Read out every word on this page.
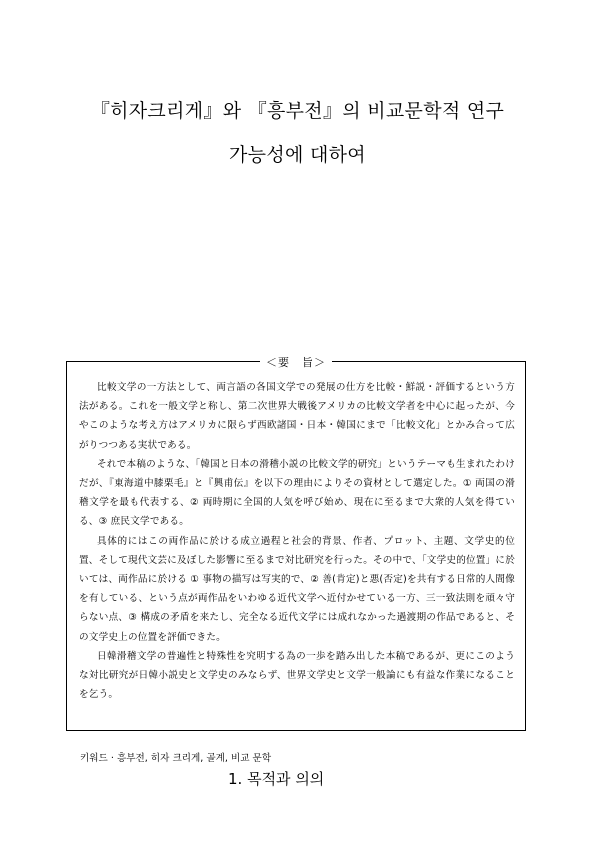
『히자크리게』와 『흥부전』의 비교문학적 연구
가능성에 대하여
＜要　旨＞

比較文学の一方法として、両言語の各国文学での発展の仕方を比較・鮮説・評価するという方法がある。これを一般文学と称し、第二次世界大戦後アメリカの比較文学者を中心に起ったが、今やこのような考え方はアメリカに限らず西欧諸国・日本・韓国にまで「比較文化」とかみ合って広がりつつある実状である。

それで本稿のような、「韓国と日本の滑稽小説の比較文学的研究」というテーマも生まれたわけだが、『東海道中膝栗毛』と『興甫伝』を以下の理由によりその資材として選定した。① 両国の滑稽文学を最も代表する、② 両時期に全国的人気を呼び始め、現在に至るまで大衆的人気を得ている、③ 庶民文学である。

具体的にはこの両作品に於ける成立過程と社会的背景、作者、プロット、主題、文学史的位置、そして現代文芸に及ぼした影響に至るまで対比研究を行った。その中で、「文学史的位置」に於いては、両作品に於ける ① 事物の描写は写実的で、② 善(肯定)と悪(否定)を共有する日常的人間像を有している、という点が両作品をいわゆる近代文学へ近付かせている一方、三一致法則を頑々守らない点、③ 構成の矛盾を来たし、完全なる近代文学には成れなかった過渡期の作品であると、その文学史上の位置を評価できた。

日韓滑稽文学の普遍性と特殊性を究明する為の一歩を踏み出した本稿であるが、更にこのような対比研究が日韓小説史と文学史のみならず、世界文学史と文学一般論にも有益な作業になることを乞う。

키워드 · 흥부전, 히자 크리게, 골계, 비교 문학
1. 목적과 의의
